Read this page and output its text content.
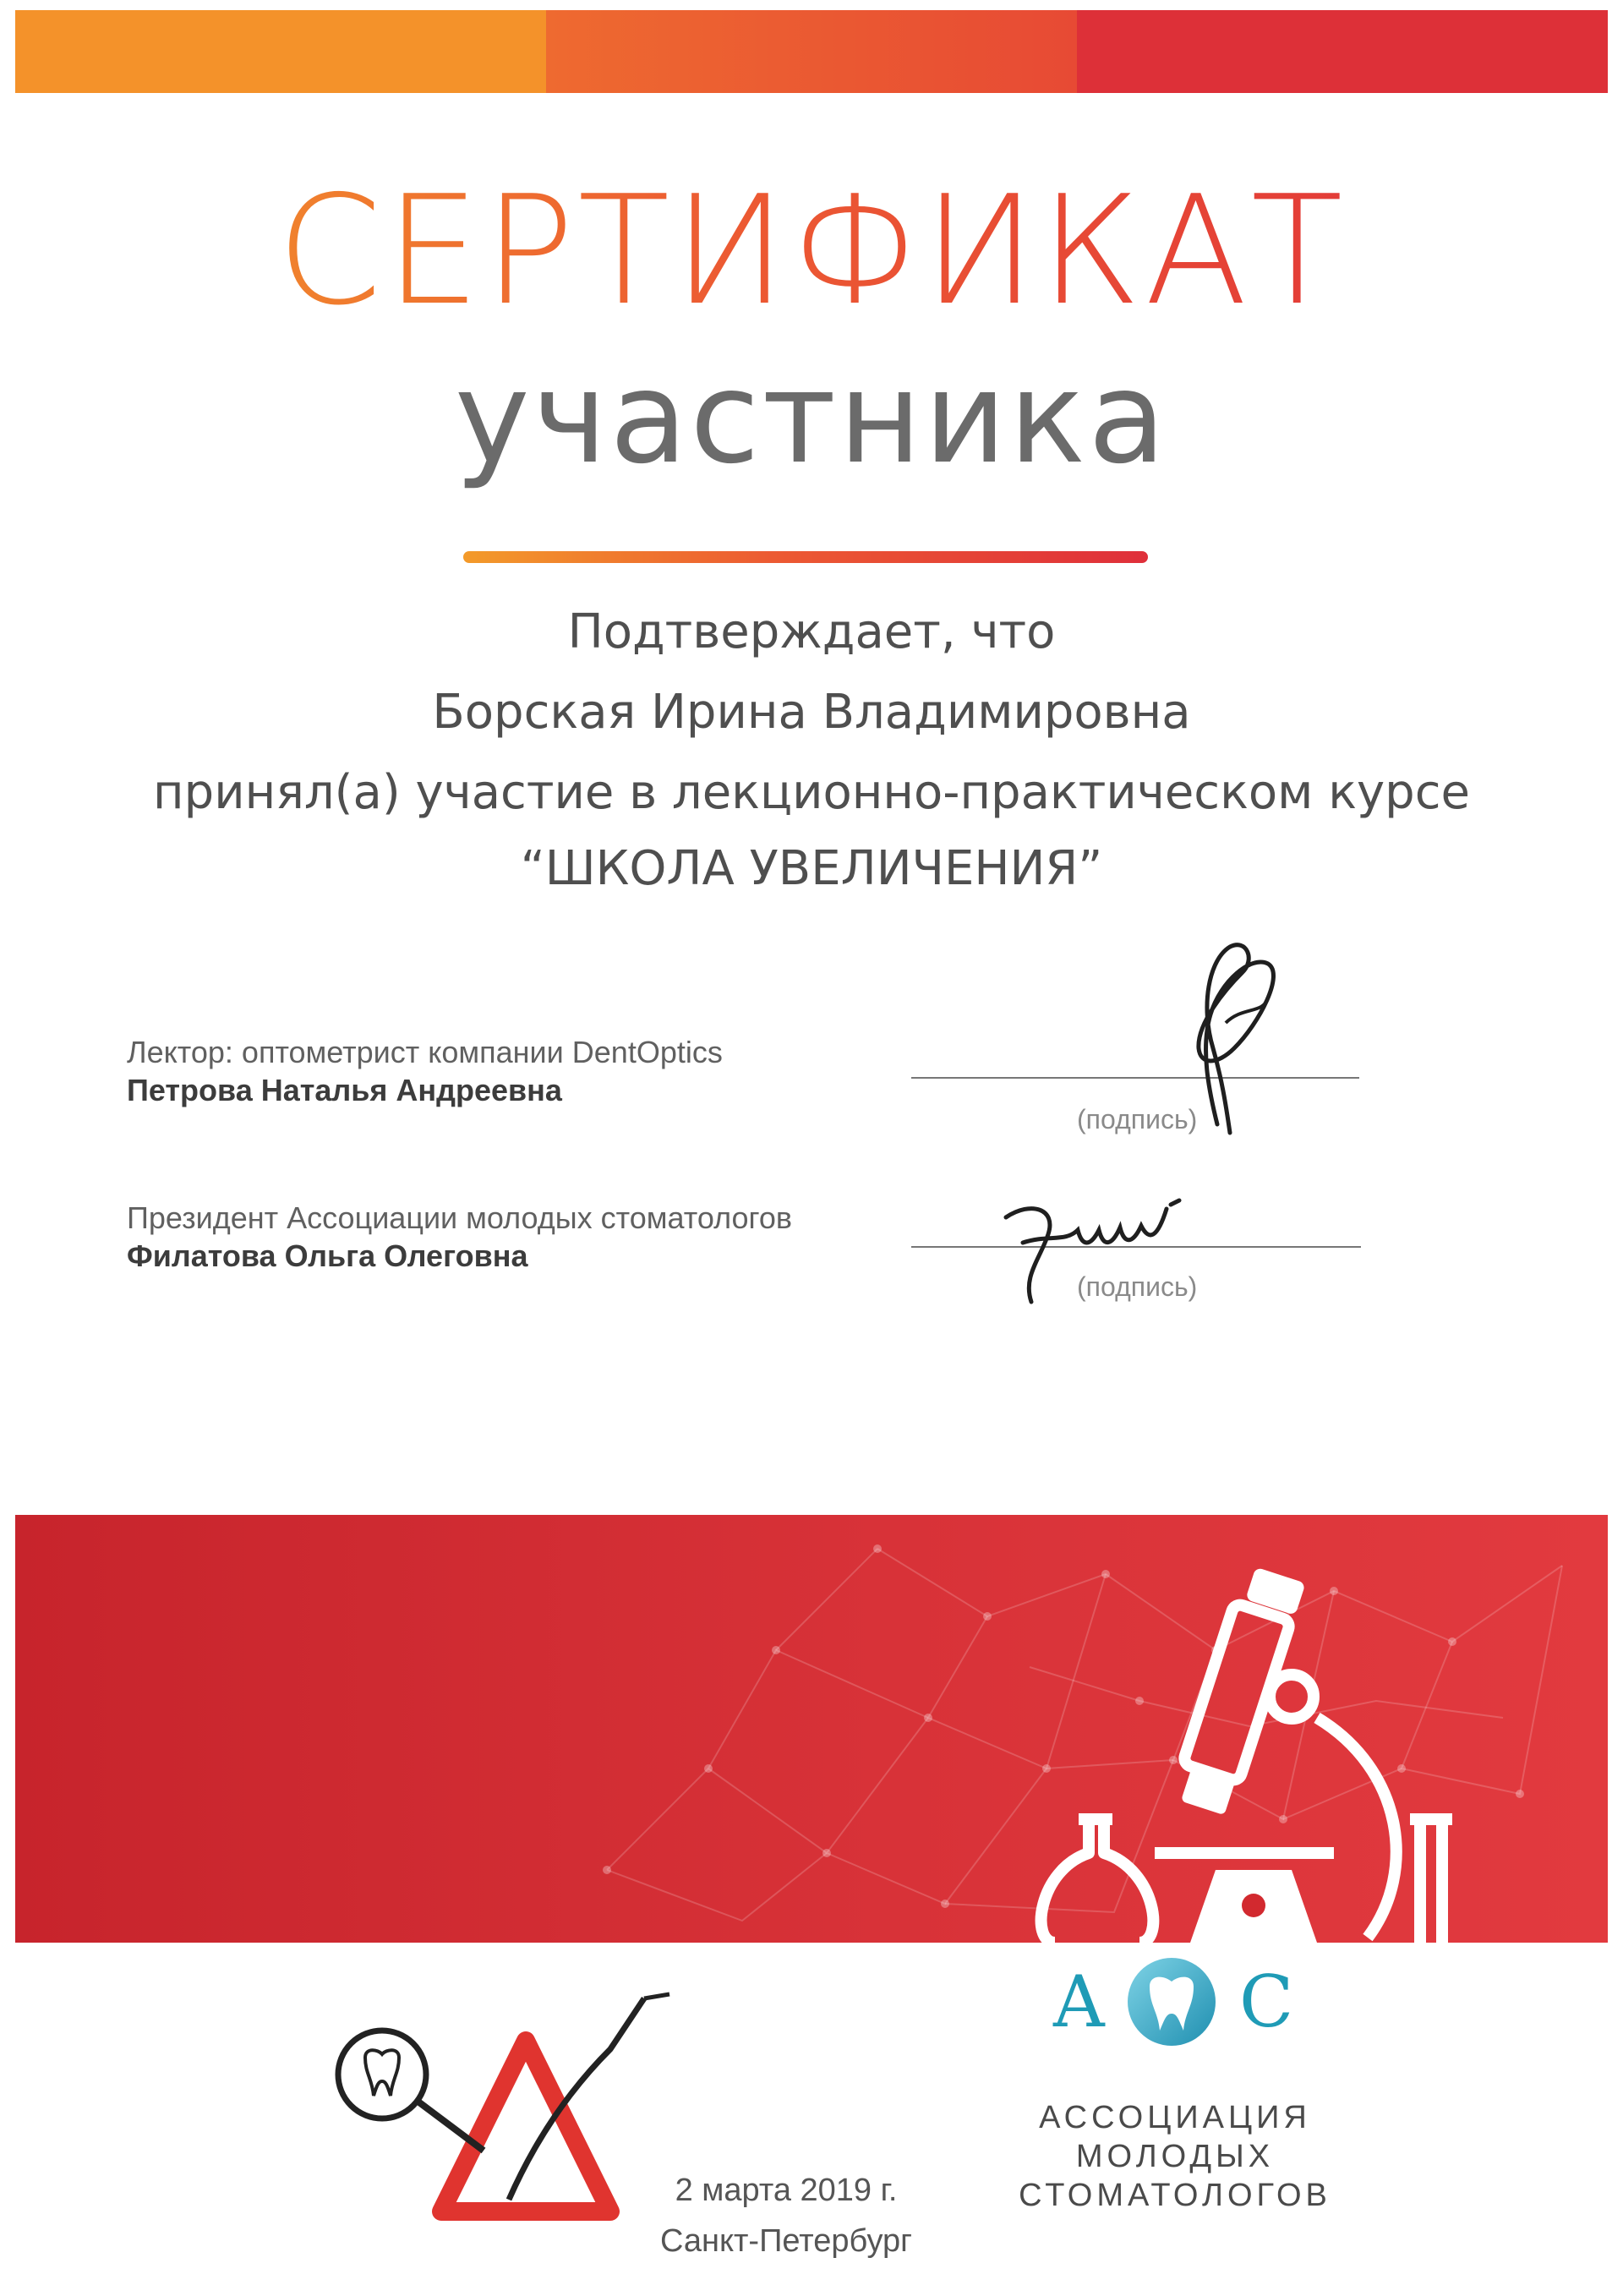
СЕРТИФИКАТ
участника
Подтверждает, что
Борская Ирина Владимировна
принял(а) участие в лекционно-практическом курсе
“ШКОЛА УВЕЛИЧЕНИЯ”
Лектор: оптометрист компании DentOptics
Петрова Наталья Андреевна
(подпись)
Президент Ассоциации молодых стоматологов
Филатова Ольга Олеговна
(подпись)
2 марта 2019 г.
Санкт-Петербург
A C
АССОЦИАЦИЯ
МОЛОДЫХ
СТОМАТОЛОГОВ
